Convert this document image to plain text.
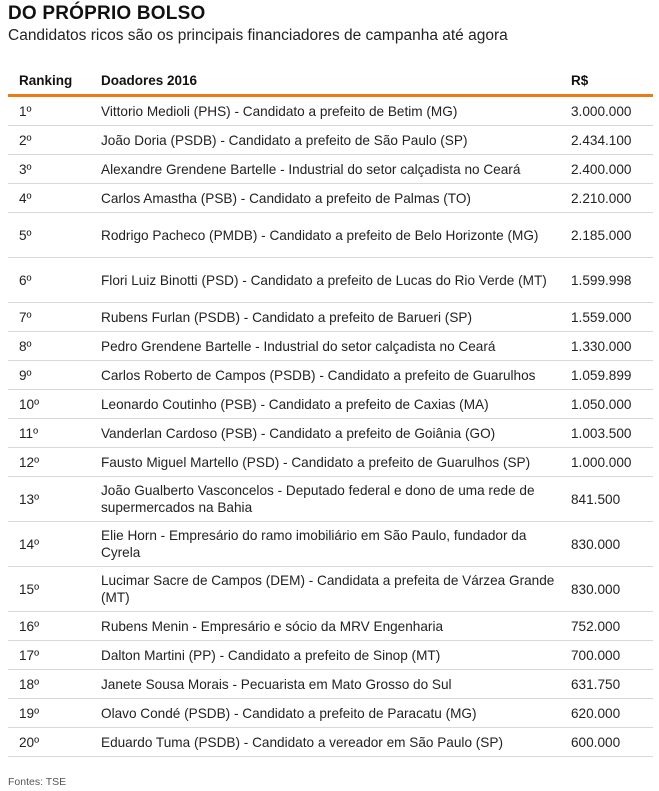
DO PRÓPRIO BOLSO
Candidatos ricos são os principais financiadores de campanha até agora
Ranking	Doadores 2016	R$
1º	Vittorio Medioli (PHS) - Candidato a prefeito de Betim (MG)	3.000.000
2º	João Doria (PSDB) - Candidato a prefeito de São Paulo (SP)	2.434.100
3º	Alexandre Grendene Bartelle - Industrial do setor calçadista no Ceará	2.400.000
4º	Carlos Amastha (PSB) - Candidato a prefeito de Palmas (TO)	2.210.000
5º	Rodrigo Pacheco (PMDB) - Candidato a prefeito de Belo Horizonte (MG)	2.185.000
6º	Flori Luiz Binotti (PSD) - Candidato a prefeito de Lucas do Rio Verde (MT)	1.599.998
7º	Rubens Furlan (PSDB) - Candidato a prefeito de Barueri (SP)	1.559.000
8º	Pedro Grendene Bartelle - Industrial do setor calçadista no Ceará	1.330.000
9º	Carlos Roberto de Campos (PSDB) - Candidato a prefeito de Guarulhos	1.059.899
10º	Leonardo Coutinho (PSB) - Candidato a prefeito de Caxias (MA)	1.050.000
11º	Vanderlan Cardoso (PSB) - Candidato a prefeito de Goiânia (GO)	1.003.500
12º	Fausto Miguel Martello (PSD) - Candidato a prefeito de Guarulhos (SP)	1.000.000
13º	João Gualberto Vasconcelos - Deputado federal e dono de uma rede de supermercados na Bahia	841.500
14º	Elie Horn - Empresário do ramo imobiliário em São Paulo, fundador da Cyrela	830.000
15º	Lucimar Sacre de Campos (DEM) - Candidata a prefeita de Várzea Grande (MT)	830.000
16º	Rubens Menin - Empresário e sócio da MRV Engenharia	752.000
17º	Dalton Martini (PP) - Candidato a prefeito de Sinop (MT)	700.000
18º	Janete Sousa Morais - Pecuarista em Mato Grosso do Sul	631.750
19º	Olavo Condé (PSDB) - Candidato a prefeito de Paracatu (MG)	620.000
20º	Eduardo Tuma (PSDB) - Candidato a vereador em São Paulo (SP)	600.000
Fontes: TSE
